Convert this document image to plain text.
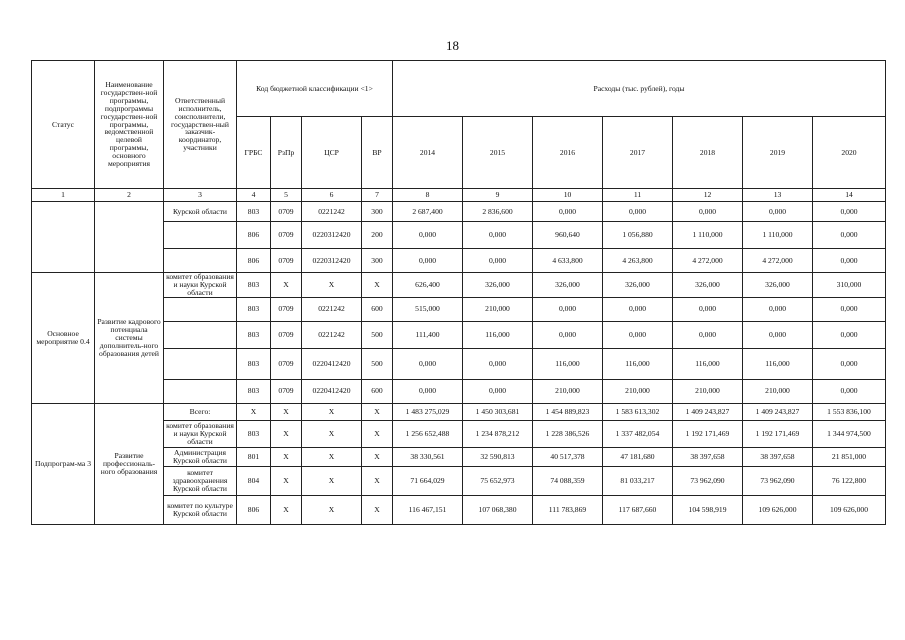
18
Статус	Наименование государствен-ной программы, подпрограммы государствен-ной программы, ведомственной целевой программы, основного мероприятия	Ответственный исполнитель, соисполнители, государствен-ный заказчик-координатор, участники	Код бюджетной классификации <1>				Расходы (тыс. рублей), годы						
			ГРБС	РзПр	ЦСР	ВР	2014	2015	2016	2017	2018	2019	2020
1	2	3	4	5	6	7	8	9	10	11	12	13	14
		Курской области	803	0709	0221242	300	2 687,400	2 836,600	0,000	0,000	0,000	0,000	0,000
			806	0709	0220312420	200	0,000	0,000	960,640	1 056,880	1 110,000	1 110,000	0,000
			806	0709	0220312420	300	0,000	0,000	4 633,800	4 263,800	4 272,000	4 272,000	0,000
Основное мероприятие 0.4	Развитие кадрового потенциала системы дополнитель-ного образования детей	комитет образования и науки Курской области	803	Х	Х	Х	626,400	326,000	326,000	326,000	326,000	326,000	310,000
			803	0709	0221242	600	515,000	210,000	0,000	0,000	0,000	0,000	0,000
			803	0709	0221242	500	111,400	116,000	0,000	0,000	0,000	0,000	0,000
			803	0709	0220412420	500	0,000	0,000	116,000	116,000	116,000	116,000	0,000
			803	0709	0220412420	600	0,000	0,000	210,000	210,000	210,000	210,000	0,000
Подпрограм-ма 3	Развитие профессиональ-ного образования	Всего:	Х	Х	Х	Х	1 483 275,029	1 450 303,681	1 454 889,823	1 583 613,302	1 409 243,827	1 409 243,827	1 553 836,100
		комитет образования и науки Курской области	803	Х	Х	Х	1 256 652,488	1 234 878,212	1 228 386,526	1 337 482,054	1 192 171,469	1 192 171,469	1 344 974,500
		Администрация Курской области	801	Х	Х	Х	38 330,561	32 590,813	40 517,378	47 181,680	38 397,658	38 397,658	21 851,000
		комитет здравоохранения Курской области	804	Х	Х	Х	71 664,029	75 652,973	74 088,359	81 033,217	73 962,090	73 962,090	76 122,800
		комитет по культуре Курской области	806	Х	Х	Х	116 467,151	107 068,380	111 783,869	117 687,660	104 598,919	109 626,000	109 626,000
